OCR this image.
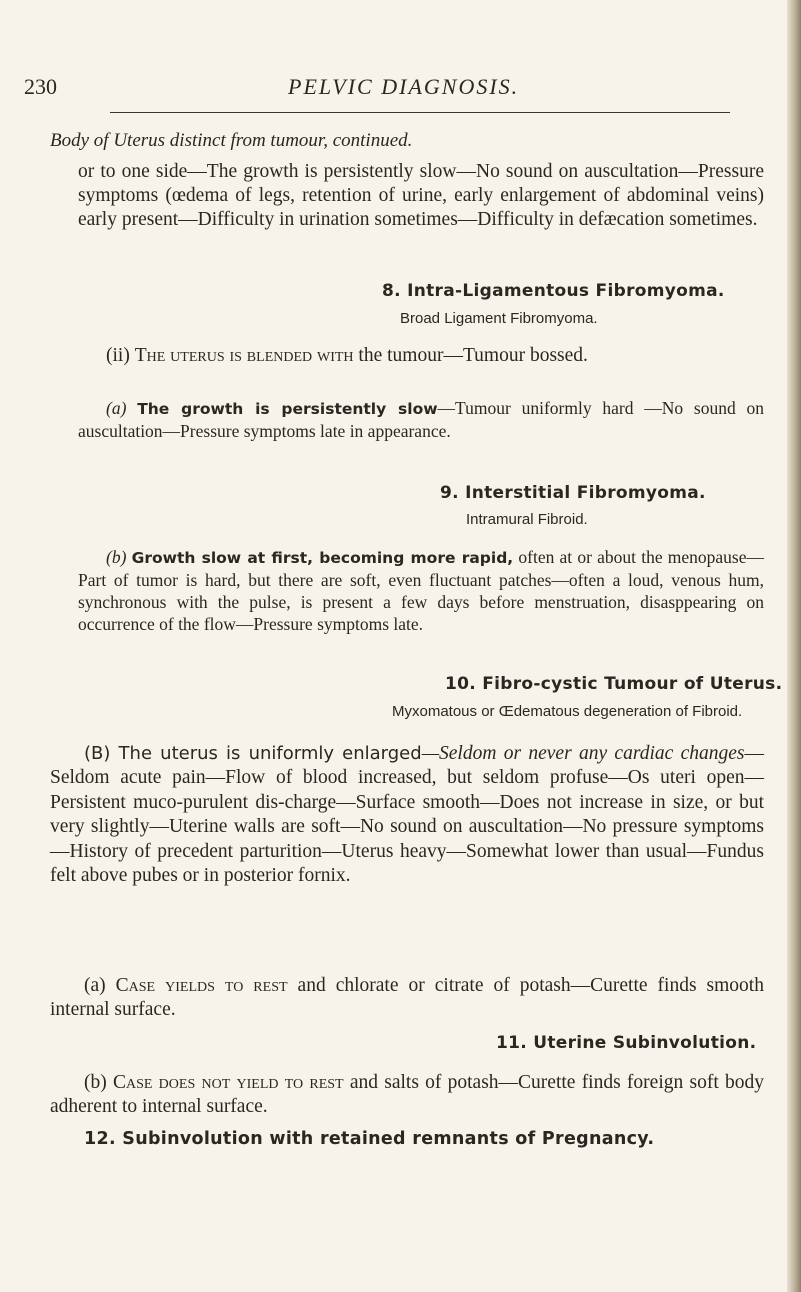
230	PELVIC DIAGNOSIS.

Body of Uterus distinct from tumour, continued.

or to one side—The growth is persistently slow—No sound on auscultation—Pressure symptoms (œdema of legs, retention of urine, early enlargement of abdominal veins) early present—Difficulty in urination sometimes—Difficulty in defæcation sometimes.

8. Intra-Ligamentous Fibromyoma.

Broad Ligament Fibromyoma.

(ii) The uterus is blended with the tumour—Tumour bossed.

(a) The growth is persistently slow—Tumour uniformly hard —No sound on auscultation—Pressure symptoms late in appearance.

9. Interstitial Fibromyoma.

Intramural Fibroid.

(b) Growth slow at first, becoming more rapid, often at or about the menopause—Part of tumor is hard, but there are soft, even fluctuant patches—often a loud, venous hum, synchronous with the pulse, is present a few days before menstruation, disasppearing on occurrence of the flow—Pressure symptoms late.

10. Fibro-cystic Tumour of Uterus.

Myxomatous or Œdematous degeneration of Fibroid.

(B) The uterus is uniformly enlarged—Seldom or never any cardiac changes—Seldom acute pain—Flow of blood increased, but seldom profuse—Os uteri open—Persistent muco-purulent dis-charge—Surface smooth—Does not increase in size, or but very slightly—Uterine walls are soft—No sound on auscultation—No pressure symptoms—History of precedent parturition—Uterus heavy—Somewhat lower than usual—Fundus felt above pubes or in posterior fornix.

(a) Case yields to rest and chlorate or citrate of potash—Curette finds smooth internal surface.

11. Uterine Subinvolution.

(b) Case does not yield to rest and salts of potash—Curette finds foreign soft body adherent to internal surface.

12. Subinvolution with retained remnants of Pregnancy.
